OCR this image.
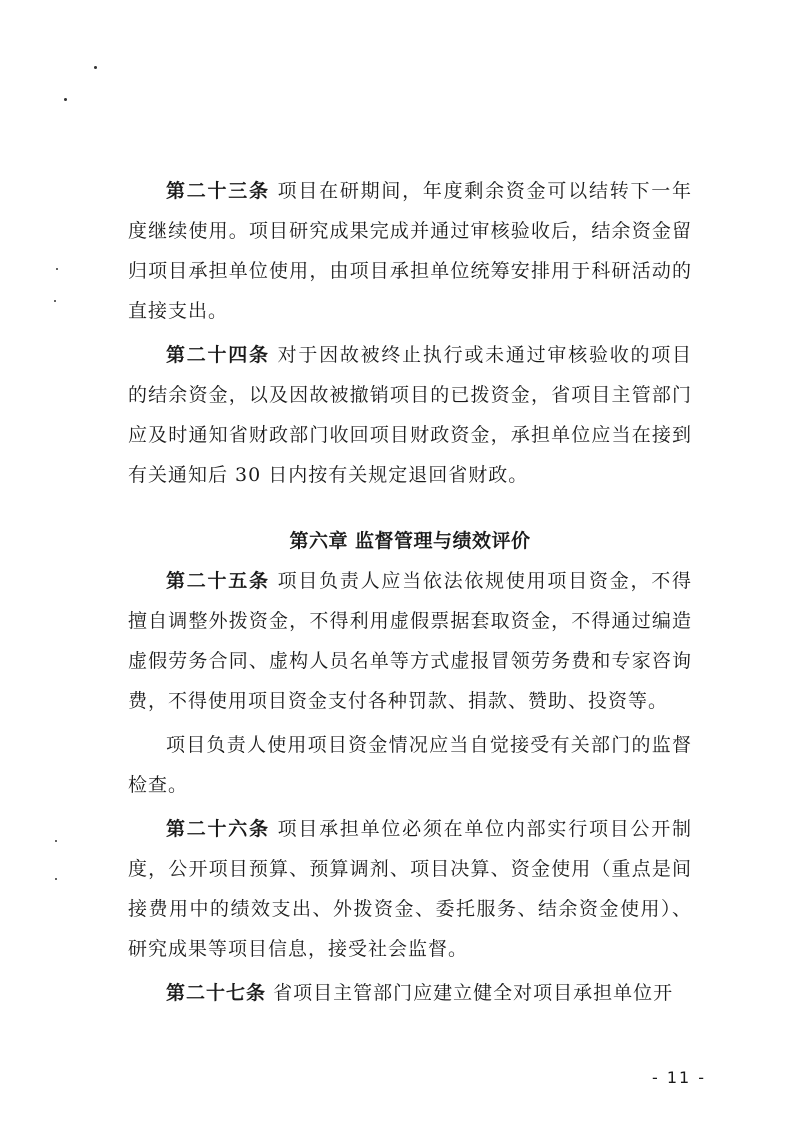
第二十三条 项目在研期间，年度剩余资金可以结转下一年度继续使用。项目研究成果完成并通过审核验收后，结余资金留归项目承担单位使用，由项目承担单位统筹安排用于科研活动的直接支出。

第二十四条 对于因故被终止执行或未通过审核验收的项目的结余资金，以及因故被撤销项目的已拨资金，省项目主管部门应及时通知省财政部门收回项目财政资金，承担单位应当在接到有关通知后 30 日内按有关规定退回省财政。

第六章 监督管理与绩效评价

第二十五条 项目负责人应当依法依规使用项目资金，不得擅自调整外拨资金，不得利用虚假票据套取资金，不得通过编造虚假劳务合同、虚构人员名单等方式虚报冒领劳务费和专家咨询费，不得使用项目资金支付各种罚款、捐款、赞助、投资等。

项目负责人使用项目资金情况应当自觉接受有关部门的监督检查。

第二十六条 项目承担单位必须在单位内部实行项目公开制度，公开项目预算、预算调剂、项目决算、资金使用（重点是间接费用中的绩效支出、外拨资金、委托服务、结余资金使用）、研究成果等项目信息，接受社会监督。

第二十七条 省项目主管部门应建立健全对项目承担单位开

- 11 -
